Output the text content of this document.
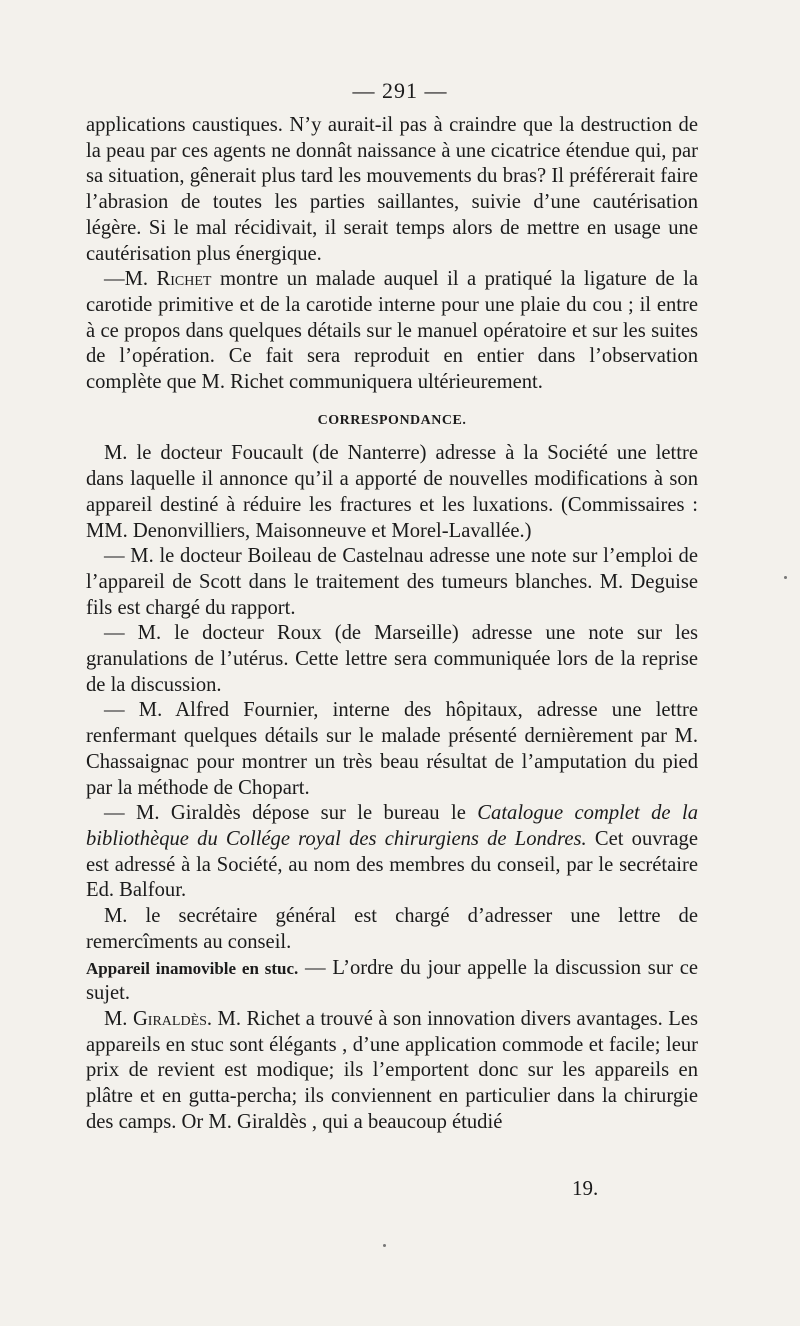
— 291 —

applications caustiques. N’y aurait-il pas à craindre que la destruction de la peau par ces agents ne donnât naissance à une cicatrice étendue qui, par sa situation, gênerait plus tard les mouvements du bras? Il préférerait faire l’abrasion de toutes les parties saillantes, suivie d’une cautérisation légère. Si le mal récidivait, il serait temps alors de mettre en usage une cautérisation plus énergique.

—M. Richet montre un malade auquel il a pratiqué la ligature de la carotide primitive et de la carotide interne pour une plaie du cou ; il entre à ce propos dans quelques détails sur le manuel opératoire et sur les suites de l’opération. Ce fait sera reproduit en entier dans l’observation complète que M. Richet communiquera ultérieurement.

CORRESPONDANCE.

M. le docteur Foucault (de Nanterre) adresse à la Société une lettre dans laquelle il annonce qu’il a apporté de nouvelles modifications à son appareil destiné à réduire les fractures et les luxations. (Commissaires : MM. Denonvilliers, Maisonneuve et Morel-Lavallée.)

— M. le docteur Boileau de Castelnau adresse une note sur l’emploi de l’appareil de Scott dans le traitement des tumeurs blanches. M. Deguise fils est chargé du rapport.

— M. le docteur Roux (de Marseille) adresse une note sur les granulations de l’utérus. Cette lettre sera communiquée lors de la reprise de la discussion.

— M. Alfred Fournier, interne des hôpitaux, adresse une lettre renfermant quelques détails sur le malade présenté dernièrement par M. Chassaignac pour montrer un très beau résultat de l’amputation du pied par la méthode de Chopart.

— M. Giraldès dépose sur le bureau le Catalogue complet de la bibliothèque du Collége royal des chirurgiens de Londres. Cet ouvrage est adressé à la Société, au nom des membres du conseil, par le secrétaire Ed. Balfour.

M. le secrétaire général est chargé d’adresser une lettre de remercîments au conseil.

Appareil inamovible en stuc. — L’ordre du jour appelle la discussion sur ce sujet.

M. Giraldès. M. Richet a trouvé à son innovation divers avantages. Les appareils en stuc sont élégants , d’une application commode et facile; leur prix de revient est modique; ils l’emportent donc sur les appareils en plâtre et en gutta-percha; ils conviennent en particulier dans la chirurgie des camps. Or M. Giraldès , qui a beaucoup étudié

19.
